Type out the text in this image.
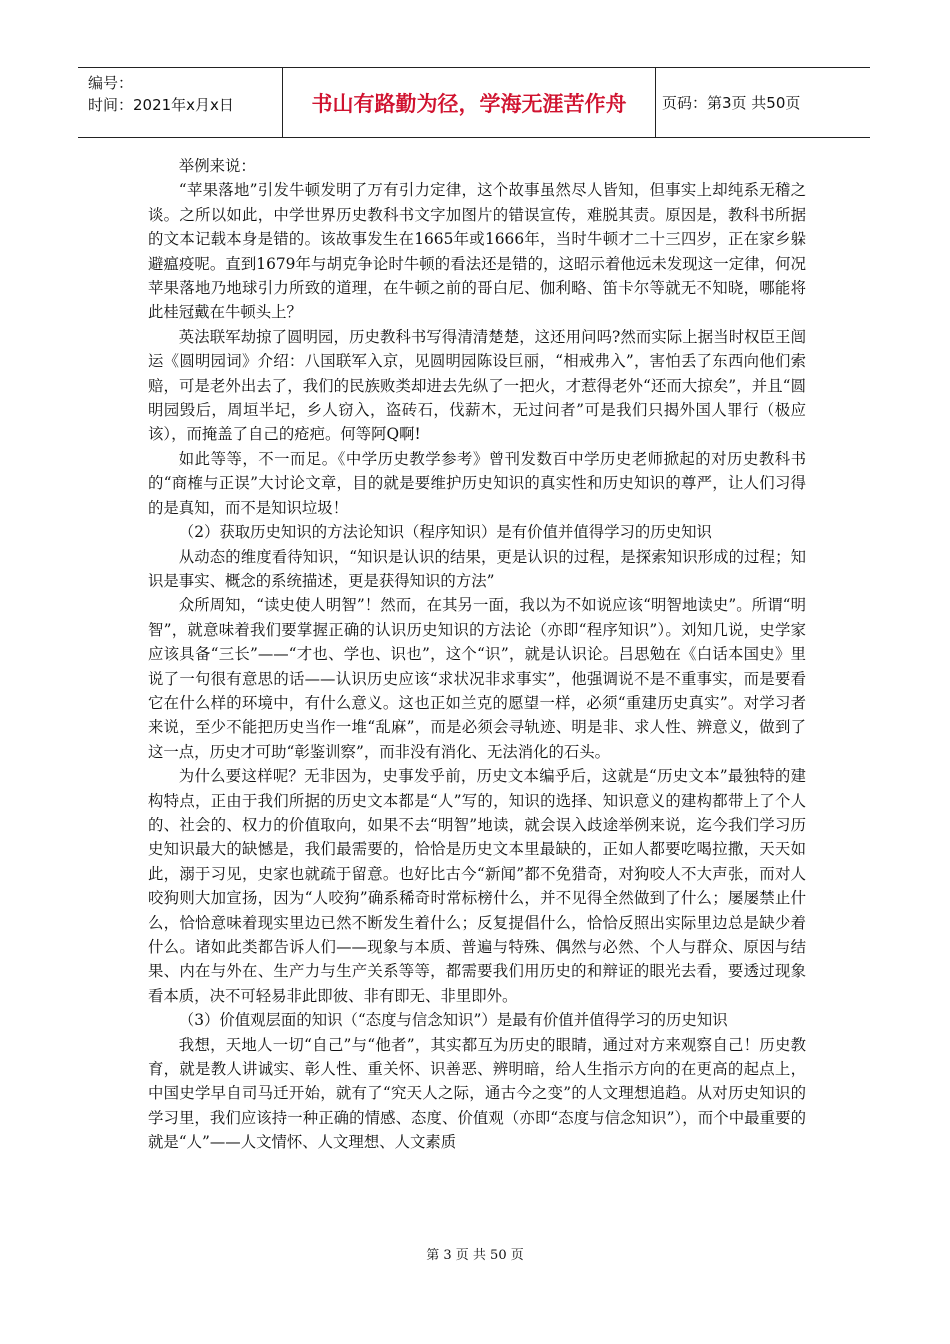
编号：
时间：2021年x月x日	书山有路勤为径，学海无涯苦作舟	页码：第3页 共50页

举例来说：

“苹果落地”引发牛顿发明了万有引力定律，这个故事虽然尽人皆知，但事实上却纯系无稽之谈。之所以如此，中学世界历史教科书文字加图片的错误宣传，难脱其责。原因是，教科书所据的文本记载本身是错的。该故事发生在1665年或1666年，当时牛顿才二十三四岁，正在家乡躲避瘟疫呢。直到1679年与胡克争论时牛顿的看法还是错的，这昭示着他远未发现这一定律，何况苹果落地乃地球引力所致的道理，在牛顿之前的哥白尼、伽利略、笛卡尔等就无不知晓，哪能将此桂冠戴在牛顿头上？

英法联军劫掠了圆明园，历史教科书写得清清楚楚，这还用问吗?然而实际上据当时权臣王闿运《圆明园词》介绍：八国联军入京，见圆明园陈设巨丽，“相戒弗入”，害怕丢了东西向他们索赔，可是老外出去了，我们的民族败类却进去先纵了一把火，才惹得老外“还而大掠矣”，并且“圆明园毁后，周垣半圮，乡人窃入，盗砖石，伐薪木，无过问者”可是我们只揭外国人罪行（极应该），而掩盖了自己的疮疤。何等阿Q啊!

如此等等，不一而足。《中学历史教学参考》曾刊发数百中学历史老师掀起的对历史教科书的“商榷与正误”大讨论文章，目的就是要维护历史知识的真实性和历史知识的尊严，让人们习得的是真知，而不是知识垃圾！

（2）获取历史知识的方法论知识（程序知识）是有价值并值得学习的历史知识

从动态的维度看待知识，“知识是认识的结果，更是认识的过程，是探索知识形成的过程；知识是事实、概念的系统描述，更是获得知识的方法”

众所周知，“读史使人明智”！然而，在其另一面，我以为不如说应该“明智地读史”。所谓“明智”，就意味着我们要掌握正确的认识历史知识的方法论（亦即“程序知识”）。刘知几说，史学家应该具备“三长”——“才也、学也、识也”，这个“识”，就是认识论。吕思勉在《白话本国史》里说了一句很有意思的话——认识历史应该“求状况非求事实”，他强调说不是不重事实，而是要看它在什么样的环境中，有什么意义。这也正如兰克的愿望一样，必须“重建历史真实”。对学习者来说，至少不能把历史当作一堆“乱麻”，而是必须会寻轨迹、明是非、求人性、辨意义，做到了这一点，历史才可助“彰鉴训察”，而非没有消化、无法消化的石头。

为什么要这样呢？无非因为，史事发乎前，历史文本编乎后，这就是“历史文本”最独特的建构特点，正由于我们所据的历史文本都是“人”写的，知识的选择、知识意义的建构都带上了个人的、社会的、权力的价值取向，如果不去“明智”地读，就会误入歧途举例来说，迄今我们学习历史知识最大的缺憾是，我们最需要的，恰恰是历史文本里最缺的，正如人都要吃喝拉撒，天天如此，溺于习见，史家也就疏于留意。也好比古今“新闻”都不免猎奇，对狗咬人不大声张，而对人咬狗则大加宣扬，因为“人咬狗”确系稀奇时常标榜什么，并不见得全然做到了什么；屡屡禁止什么，恰恰意味着现实里边已然不断发生着什么；反复提倡什么，恰恰反照出实际里边总是缺少着什么。诸如此类都告诉人们——现象与本质、普遍与特殊、偶然与必然、个人与群众、原因与结果、内在与外在、生产力与生产关系等等，都需要我们用历史的和辩证的眼光去看，要透过现象看本质，决不可轻易非此即彼、非有即无、非里即外。

（3）价值观层面的知识（“态度与信念知识”）是最有价值并值得学习的历史知识

我想，天地人一切“自己”与“他者”，其实都互为历史的眼睛，通过对方来观察自己！历史教育，就是教人讲诚实、彰人性、重关怀、识善恶、辨明暗，给人生指示方向的在更高的起点上，中国史学早自司马迁开始，就有了“究天人之际，通古今之变”的人文理想追趋。从对历史知识的学习里，我们应该持一种正确的情感、态度、价值观（亦即“态度与信念知识”），而个中最重要的就是“人”——人文情怀、人文理想、人文素质

第 3 页 共 50 页
